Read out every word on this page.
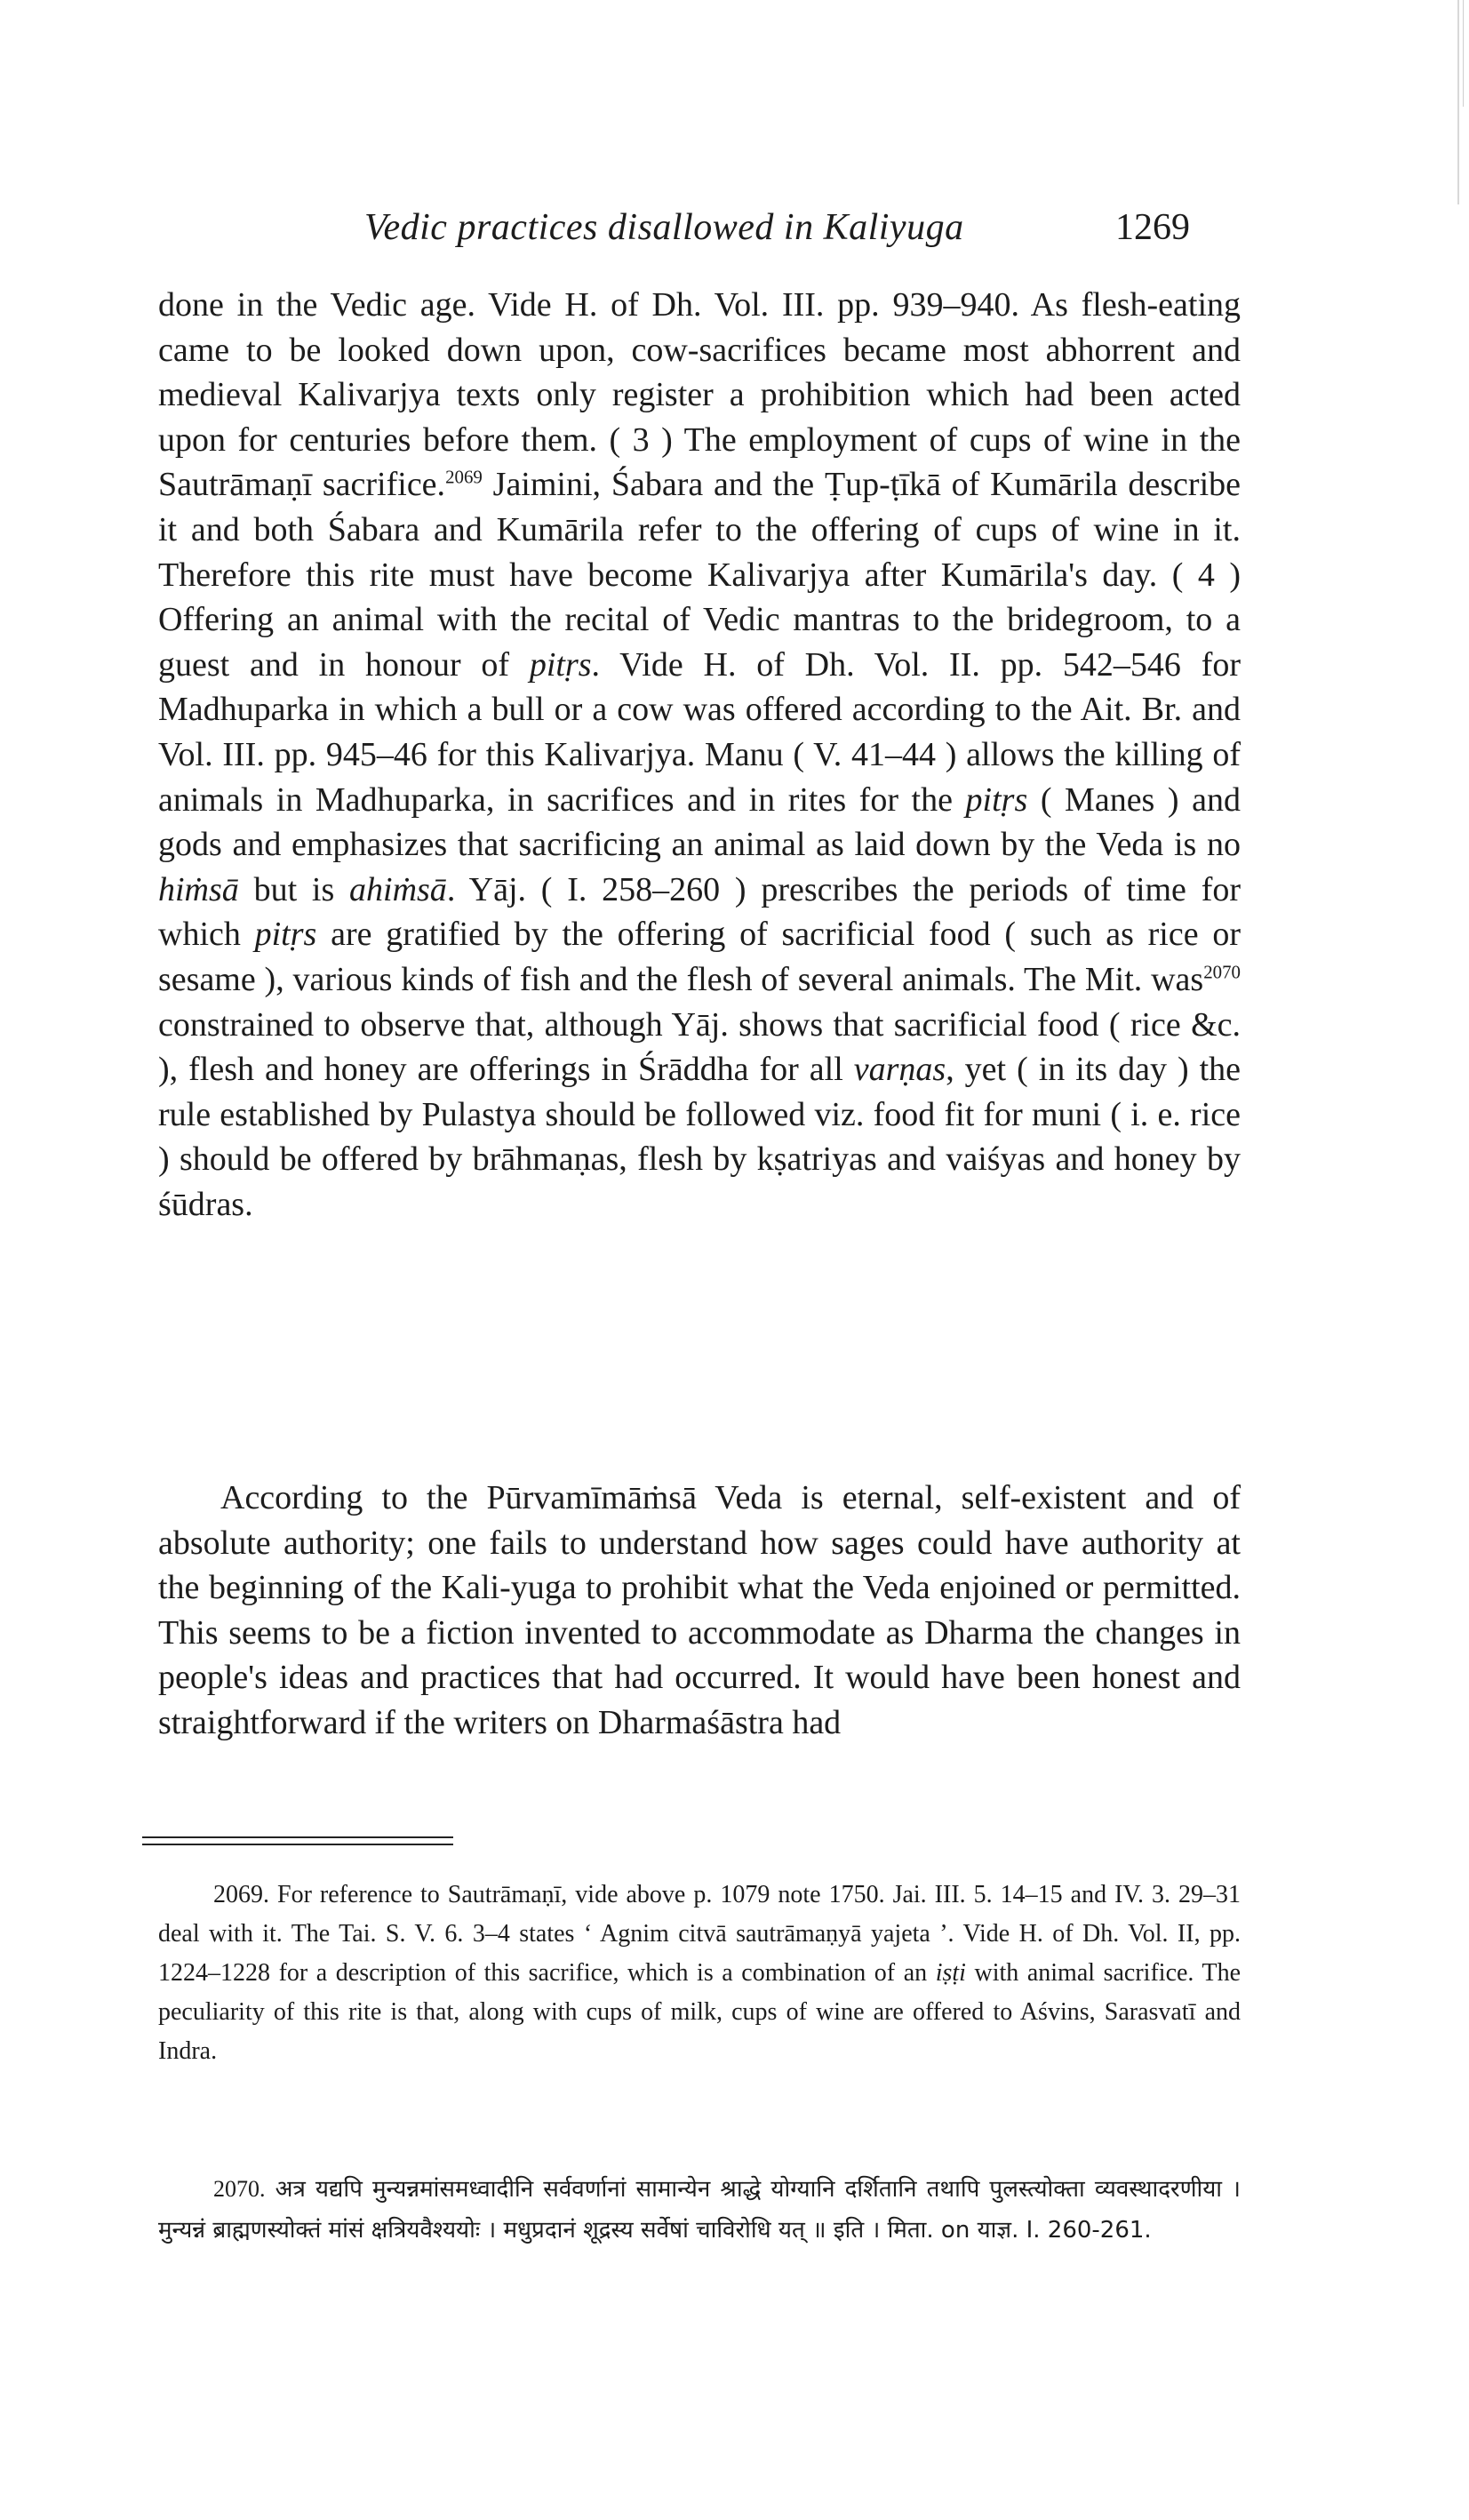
Vedic practices disallowed in Kaliyuga	1269
done in the Vedic age. Vide H. of Dh. Vol. III. pp. 939–940. As flesh-eating came to be looked down upon, cow-sacrifices became most abhorrent and medieval Kalivarjya texts only register a prohibition which had been acted upon for centuries before them. ( 3 ) The employment of cups of wine in the Sautrāmaṇī sacrifice.$^{2069}$ Jaimini, Śabara and the Ṭup-ṭīkā of Kumārila describe it and both Śabara and Kumārila refer to the offering of cups of wine in it. Therefore this rite must have become Kalivarjya after Kumārila's day. ( 4 ) Offering an animal with the recital of Vedic mantras to the bridegroom, to a guest and in honour of pitṛs. Vide H. of Dh. Vol. II. pp. 542–546 for Madhuparka in which a bull or a cow was offered according to the Ait. Br. and Vol. III. pp. 945–46 for this Kalivarjya. Manu ( V. 41–44 ) allows the killing of animals in Madhuparka, in sacrifices and in rites for the pitṛs ( Manes ) and gods and emphasizes that sacrificing an animal as laid down by the Veda is no hiṁsā but is ahiṁsā. Yāj. ( I. 258–260 ) prescribes the periods of time for which pitṛs are gratified by the offering of sacrificial food ( such as rice or sesame ), various kinds of fish and the flesh of several animals. The Mit. was$^{2070}$ constrained to observe that, although Yāj. shows that sacrificial food ( rice &c. ), flesh and honey are offerings in Śrāddha for all varṇas, yet ( in its day ) the rule established by Pulastya should be followed viz. food fit for muni ( i. e. rice ) should be offered by brāhmaṇas, flesh by kṣatriyas and vaiśyas and honey by śūdras.
According to the Pūrvamīmāṁsā Veda is eternal, self-existent and of absolute authority; one fails to understand how sages could have authority at the beginning of the Kali-yuga to prohibit what the Veda enjoined or permitted. This seems to be a fiction invented to accommodate as Dharma the changes in people's ideas and practices that had occurred. It would have been honest and straightforward if the writers on Dharmaśāstra had
2069. For reference to Sautrāmaṇī, vide above p. 1079 note 1750. Jai. III. 5. 14–15 and IV. 3. 29–31 deal with it. The Tai. S. V. 6. 3–4 states ‘ Agnim citvā sautrāmaṇyā yajeta ’. Vide H. of Dh. Vol. II, pp. 1224–1228 for a description of this sacrifice, which is a combination of an iṣṭi with animal sacrifice. The peculiarity of this rite is that, along with cups of milk, cups of wine are offered to Aśvins, Sarasvatī and Indra.
2070. अत्र यद्यपि मुन्यन्नमांसमध्वादीनि सर्ववर्णानां सामान्येन श्राद्धे योग्यानि दर्शितानि तथापि पुलस्त्योक्ता व्यवस्थादरणीया । मुन्यन्नं ब्राह्मणस्योक्तं मांसं क्षत्रियवैश्ययोः । मधुप्रदानं शूद्रस्य सर्वेषां चाविरोधि यत् ॥ इति । मिता. on याज्ञ. I. 260-261.
